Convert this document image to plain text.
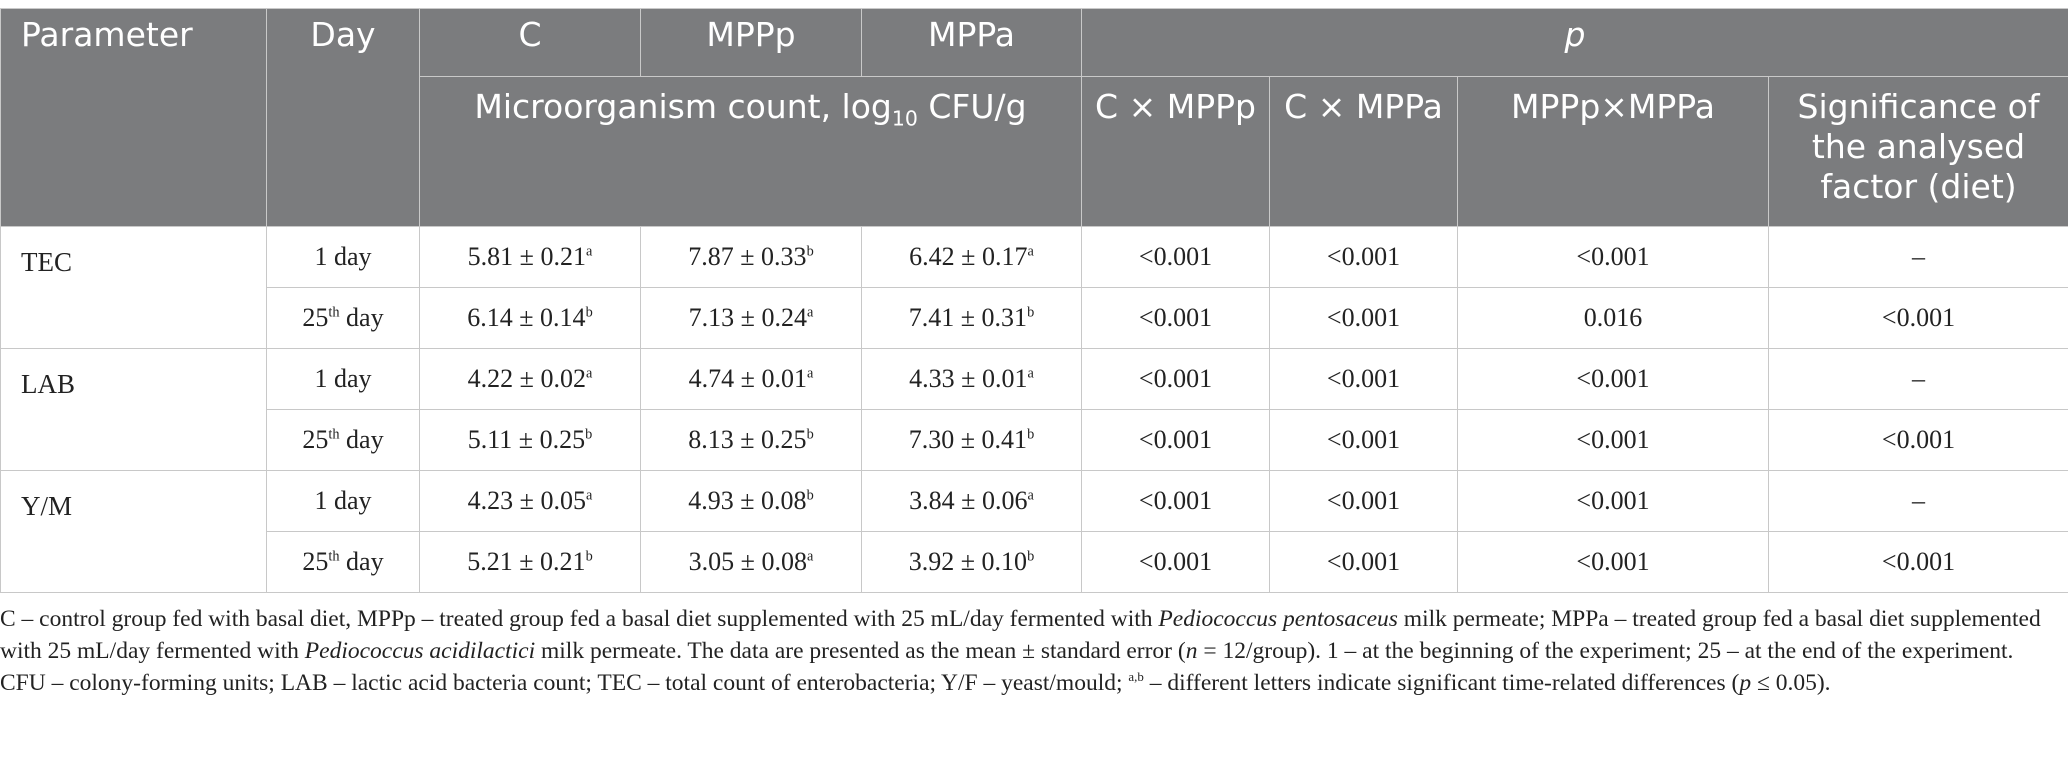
Parameter	Day	C	MPPp	MPPa	p			
		Microorganism count, $\log_{10} CFU/g$			C × MPPp	C × MPPa	MPPp×MPPa	Significance of the analysed factor (diet)
TEC	1 day	5.81 ± 0.21$^a$	7.87 ± 0.33$^b$	6.42 ± 0.17$^a$	<0.001	<0.001	<0.001	–
	25th day	6.14 ± 0.14$^b$	7.13 ± 0.24$^a$	7.41 ± 0.31$^b$	<0.001	<0.001	0.016	<0.001
LAB	1 day	4.22 ± 0.02$^a$	4.74 ± 0.01$^a$	4.33 ± 0.01$^a$	<0.001	<0.001	<0.001	–
	25th day	5.11 ± 0.25$^b$	8.13 ± 0.25$^b$	7.30 ± 0.41$^b$	<0.001	<0.001	<0.001	<0.001
Y/M	1 day	4.23 ± 0.05$^a$	4.93 ± 0.08$^b$	3.84 ± 0.06$^a$	<0.001	<0.001	<0.001	–
	25th day	5.21 ± 0.21$^b$	3.05 ± 0.08$^a$	3.92 ± 0.10$^b$	<0.001	<0.001	<0.001	<0.001

C – control group fed with basal diet, MPPp – treated group fed a basal diet supplemented with 25 mL/day fermented with Pediococcus pentosaceus milk permeate; MPPa – treated group fed a basal diet supplemented with 25 mL/day fermented with Pediococcus acidilactici milk permeate. The data are presented as the mean ± standard error (n = 12/group). 1 – at the beginning of the experiment; 25 – at the end of the experiment. CFU – colony-forming units; LAB – lactic acid bacteria count; TEC – total count of enterobacteria; Y/F – yeast/mould; $^{a,b}$ – different letters indicate significant time-related differences (p ≤ 0.05).
